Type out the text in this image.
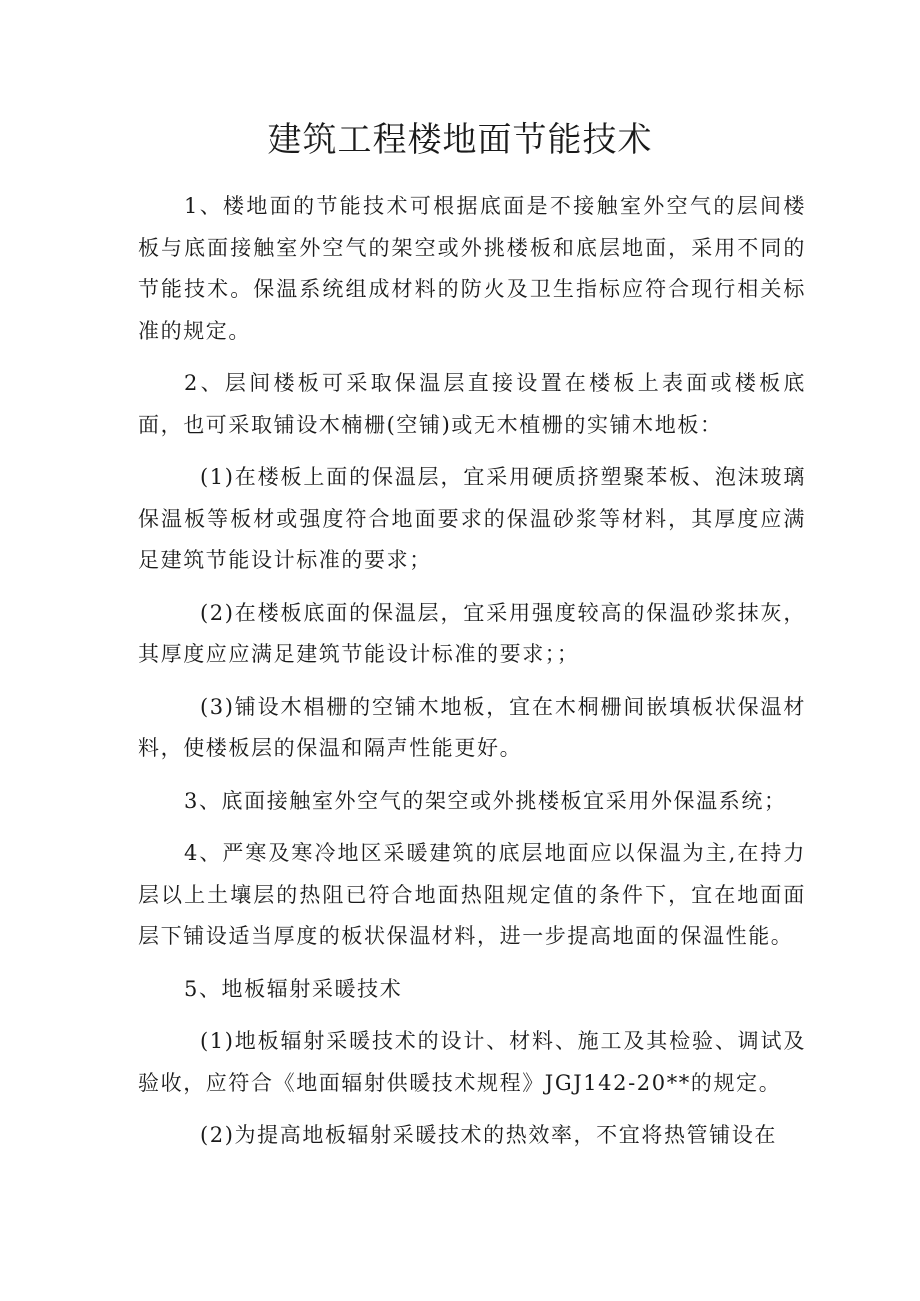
建筑工程楼地面节能技术

1、楼地面的节能技术可根据底面是不接触室外空气的层间楼板与底面接触室外空气的架空或外挑楼板和底层地面，采用不同的节能技术。保温系统组成材料的防火及卫生指标应符合现行相关标准的规定。

2、层间楼板可采取保温层直接设置在楼板上表面或楼板底面，也可采取铺设木楠栅(空铺)或无木植栅的实铺木地板：

(1)在楼板上面的保温层，宜采用硬质挤塑聚苯板、泡沫玻璃保温板等板材或强度符合地面要求的保温砂浆等材料，其厚度应满足建筑节能设计标准的要求；

(2)在楼板底面的保温层，宜采用强度较高的保温砂浆抹灰，其厚度应应满足建筑节能设计标准的要求；；

(3)铺设木椙栅的空铺木地板，宜在木桐栅间嵌填板状保温材料，使楼板层的保温和隔声性能更好。

3、底面接触室外空气的架空或外挑楼板宜采用外保温系统；

4、严寒及寒冷地区采暖建筑的底层地面应以保温为主,在持力层以上土壤层的热阻已符合地面热阻规定值的条件下，宜在地面面层下铺设适当厚度的板状保温材料，进一步提高地面的保温性能。

5、地板辐射采暖技术

(1)地板辐射采暖技术的设计、材料、施工及其检验、调试及验收，应符合《地面辐射供暖技术规程》JGJ142-20**的规定。

(2)为提高地板辐射采暖技术的热效率，不宜将热管铺设在
